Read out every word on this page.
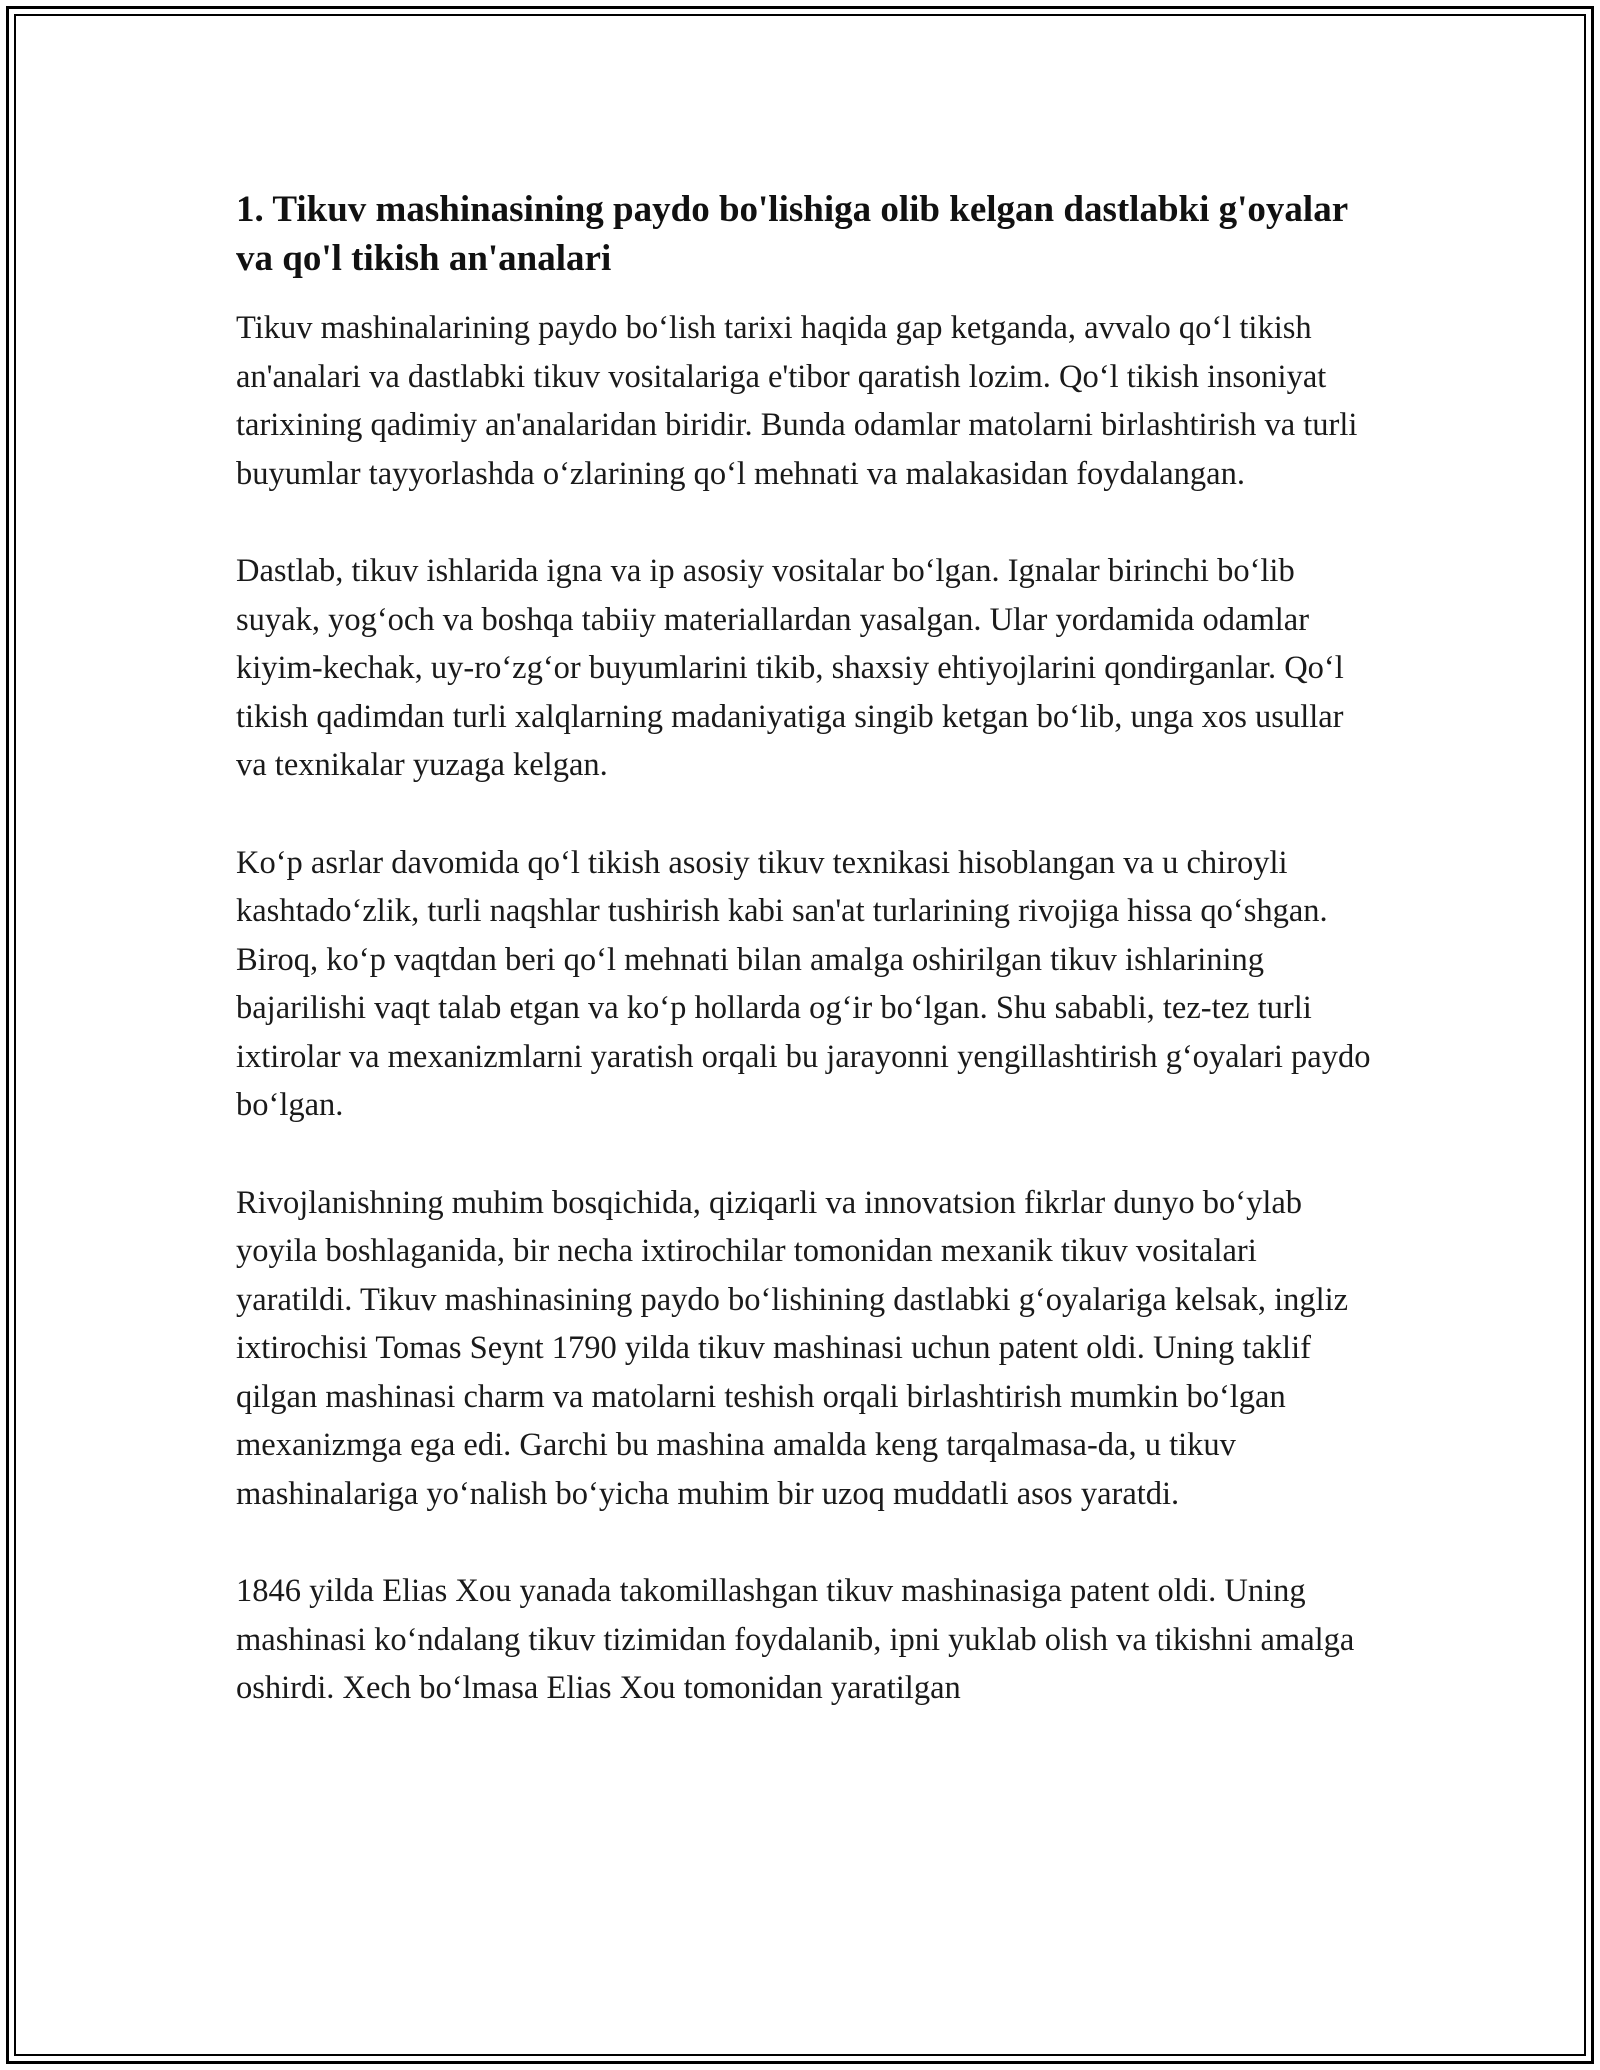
1. Tikuv mashinasining paydo bo'lishiga olib kelgan dastlabki g'oyalar va qo'l tikish an'analari

Tikuv mashinalarining paydo boʻlish tarixi haqida gap ketganda, avvalo qoʻl tikish an'analari va dastlabki tikuv vositalariga e'tibor qaratish lozim. Qoʻl tikish insoniyat tarixining qadimiy an'analaridan biridir. Bunda odamlar matolarni birlashtirish va turli buyumlar tayyorlashda oʻzlarining qoʻl mehnati va malakasidan foydalangan.

Dastlab, tikuv ishlarida igna va ip asosiy vositalar boʻlgan. Ignalar birinchi boʻlib suyak, yogʻoch va boshqa tabiiy materiallardan yasalgan. Ular yordamida odamlar kiyim-kechak, uy-roʻzgʻor buyumlarini tikib, shaxsiy ehtiyojlarini qondirganlar. Qoʻl tikish qadimdan turli xalqlarning madaniyatiga singib ketgan boʻlib, unga xos usullar va texnikalar yuzaga kelgan.

Koʻp asrlar davomida qoʻl tikish asosiy tikuv texnikasi hisoblangan va u chiroyli kashtadoʻzlik, turli naqshlar tushirish kabi san'at turlarining rivojiga hissa qoʻshgan. Biroq, koʻp vaqtdan beri qoʻl mehnati bilan amalga oshirilgan tikuv ishlarining bajarilishi vaqt talab etgan va koʻp hollarda ogʻir boʻlgan. Shu sababli, tez-tez turli ixtirolar va mexanizmlarni yaratish orqali bu jarayonni yengillashtirish gʻoyalari paydo boʻlgan.

Rivojlanishning muhim bosqichida, qiziqarli va innovatsion fikrlar dunyo boʻylab yoyila boshlaganida, bir necha ixtirochilar tomonidan mexanik tikuv vositalari yaratildi. Tikuv mashinasining paydo boʻlishining dastlabki gʻoyalariga kelsak, ingliz ixtirochisi Tomas Seynt 1790 yilda tikuv mashinasi uchun patent oldi. Uning taklif qilgan mashinasi charm va matolarni teshish orqali birlashtirish mumkin boʻlgan mexanizmga ega edi. Garchi bu mashina amalda keng tarqalmasa-da, u tikuv mashinalariga yoʻnalish boʻyicha muhim bir uzoq muddatli asos yaratdi.

1846 yilda Elias Xou yanada takomillashgan tikuv mashinasiga patent oldi. Uning mashinasi koʻndalang tikuv tizimidan foydalanib, ipni yuklab olish va tikishni amalga oshirdi. Xech boʻlmasa Elias Xou tomonidan yaratilgan
